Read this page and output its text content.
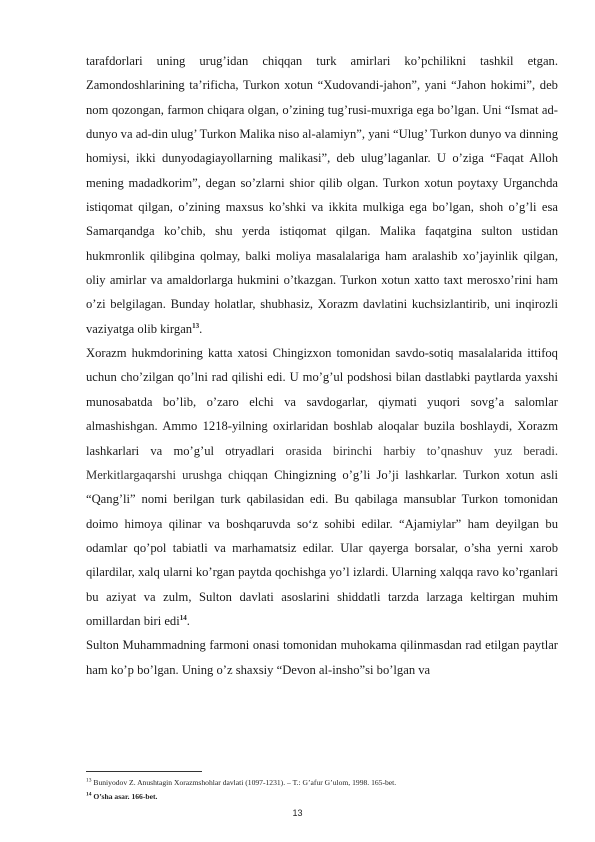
tarafdorlari uning urug’idan chiqqan turk amirlari ko’pchilikni tashkil etgan. Zamondoshlarining ta’rificha, Turkon xotun “Xudovandi-jahon”, yani “Jahon hokimi”, deb nom qozongan, farmon chiqara olgan, o’zining tug’rusi-muxriga ega bo’lgan. Uni “Ismat ad-dunyo va ad-din ulug’ Turkon Malika niso al-alamiyn”, yani “Ulug’ Turkon dunyo va dinning homiysi, ikki dunyodagiayollarning malikasi”, deb ulug’laganlar. U o’ziga “Faqat Alloh mening madadkorim”, degan so’zlarni shior qilib olgan. Turkon xotun poytaxy Urganchda istiqomat qilgan, o’zining maxsus ko’shki va ikkita mulkiga ega bo’lgan, shoh o’g’li esa Samarqandga ko’chib, shu yerda istiqomat qilgan. Malika faqatgina sulton ustidan hukmronlik qilibgina qolmay, balki moliya masalalariga ham aralashib xo’jayinlik qilgan, oliy amirlar va amaldorlarga hukmini o’tkazgan. Turkon xotun xatto taxt merosxo’rini ham o’zi belgilagan. Bunday holatlar, shubhasiz, Xorazm davlatini kuchsizlantirib, uni inqirozli vaziyatga olib kirgan$^{13}$.

Xorazm hukmdorining katta xatosi Chingizxon tomonidan savdo-sotiq masalalarida ittifoq uchun cho’zilgan qo’lni rad qilishi edi. U mo’g’ul podshosi bilan dastlabki paytlarda yaxshi munosabatda bo’lib, o’zaro elchi va savdogarlar, qiymati yuqori sovg’a salomlar almashishgan. Ammo 1218-yilning oxirlaridan boshlab aloqalar buzila boshlaydi, Xorazm lashkarlari va mo’g’ul otryadlari orasida birinchi harbiy to’qnashuv yuz beradi. Merkitlargaqarshi urushga chiqqan Chingizning o’g’li Jo’ji lashkarlar. Turkon xotun asli “Qang’li” nomi berilgan turk qabilasidan edi. Bu qabilaga mansublar Turkon tomonidan doimo himoya qilinar va boshqaruvda so‘z sohibi edilar. “Ajamiylar” ham deyilgan bu odamlar qo’pol tabiatli va marhamatsiz edilar. Ular qayerga borsalar, o’sha yerni xarob qilardilar, xalq ularni ko’rgan paytda qochishga yo’l izlardi. Ularning xalqqa ravo ko’rganlari bu aziyat va zulm, Sulton davlati asoslarini shiddatli tarzda larzaga keltirgan muhim omillardan biri edi$^{14}$.

Sulton Muhammadning farmoni onasi tomonidan muhokama qilinmasdan rad etilgan paytlar ham ko’p bo’lgan. Uning o’z shaxsiy “Devon al-insho”si bo’lgan va

$^{13}$ Buniyodov Z. Anushtagin Xorazmshohlar davlati (1097-1231). – T.: G’afur G’ulom, 1998. 165-bet.

$^{14}$ O’sha asar. 166-bet.

13
